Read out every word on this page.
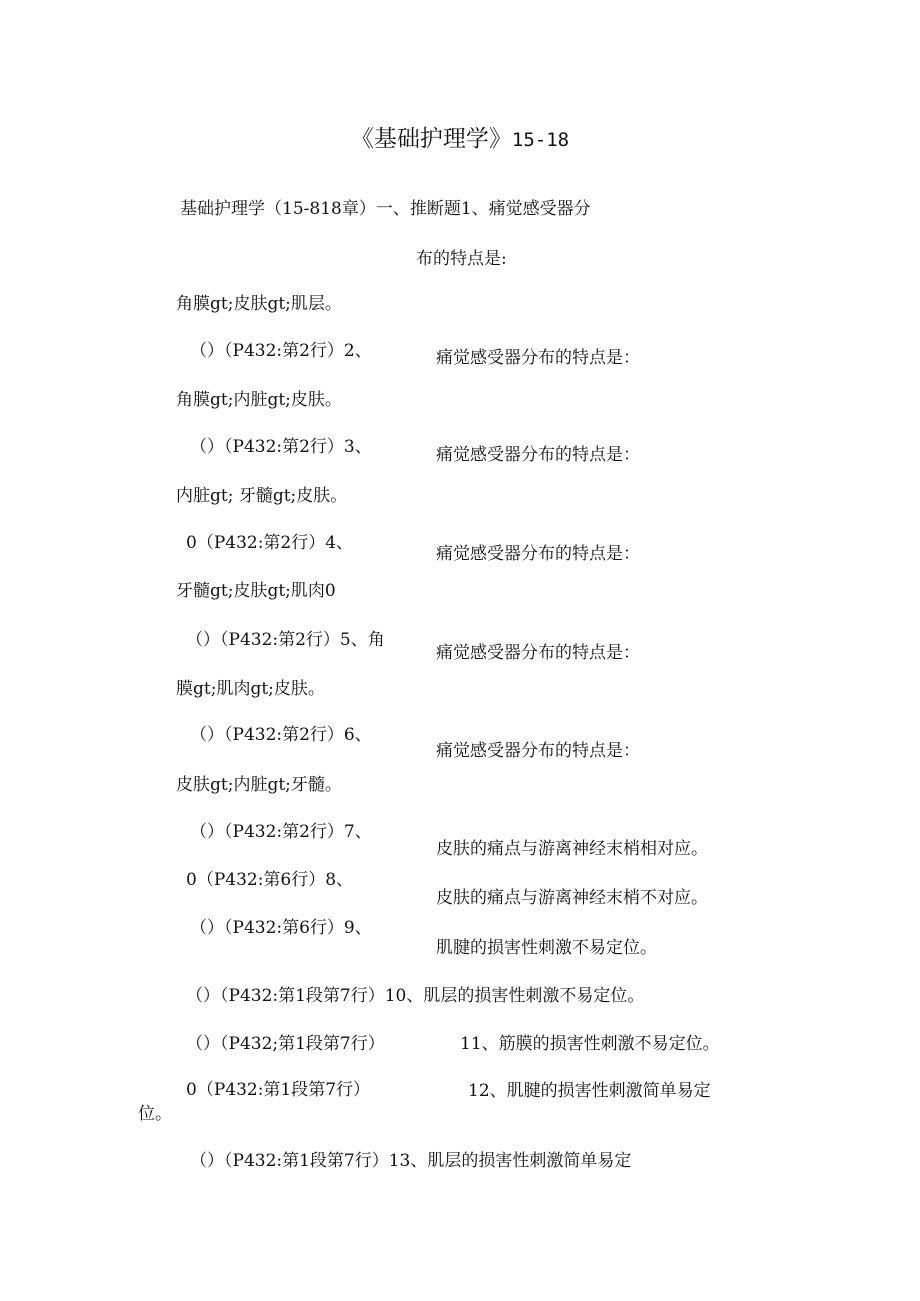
《基础护理学》15-18
基础护理学（15-818章）一、推断题1、痛觉感受器分
布的特点是:
角膜gt;皮肤gt;肌层。
（）（P432:第2行）2、	痛觉感受器分布的特点是：
角膜gt;内脏gt;皮肤。
（）（P432:第2行）3、	痛觉感受器分布的特点是：
内脏gt; 牙髓gt;皮肤。
0（P432:第2行）4、
痛觉感受器分布的特点是：
牙髓gt;皮肤gt;肌肉0
（）（P432:第2行）5、角
痛觉感受器分布的特点是：
膜gt;肌肉gt;皮肤。
（）（P432:第2行）6、
痛觉感受器分布的特点是：
皮肤gt;内脏gt;牙髓。
（）（P432:第2行）7、
皮肤的痛点与游离神经末梢相对应。
0（P432:第6行）8、
皮肤的痛点与游离神经末梢不对应。
（）（P432:第6行）9、
肌腱的损害性刺激不易定位。
（）（P432:第1段第7行）10、肌层的损害性刺激不易定位。
（）（P432;第1段第7行）	11、筋膜的损害性刺激不易定位。
0（P432:第1段第7行）	12、肌腱的损害性刺激简单易定
位。
（）（P432:第1段第7行）13、肌层的损害性刺激简单易定
